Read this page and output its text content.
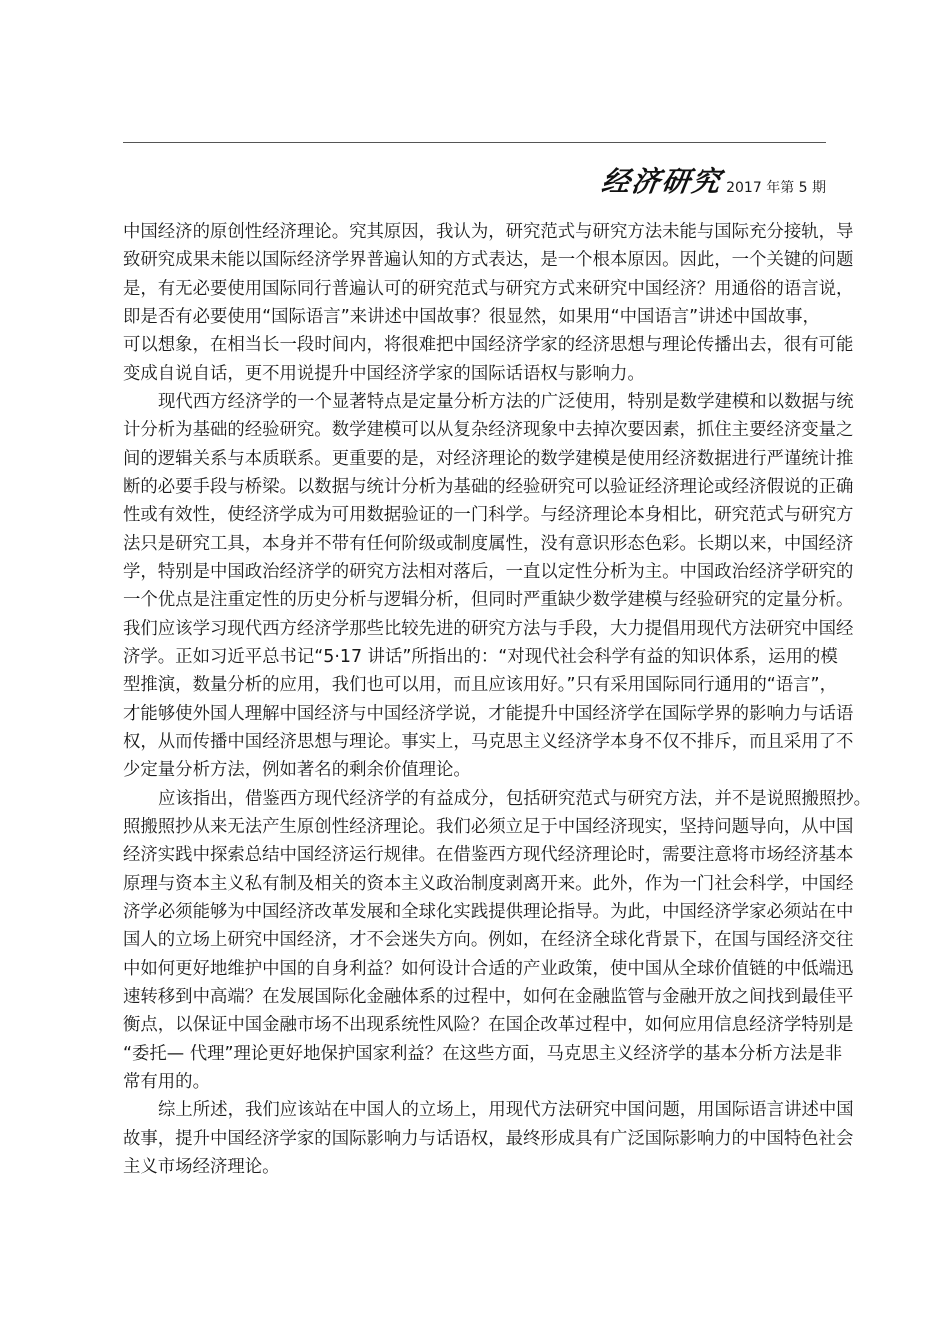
经济研究 2017 年第 5 期
中国经济的原创性经济理论。究其原因，我认为，研究范式与研究方法未能与国际充分接轨，导
致研究成果未能以国际经济学界普遍认知的方式表达，是一个根本原因。因此，一个关键的问题
是，有无必要使用国际同行普遍认可的研究范式与研究方式来研究中国经济？用通俗的语言说，
即是否有必要使用“国际语言”来讲述中国故事？很显然，如果用“中国语言”讲述中国故事，
可以想象，在相当长一段时间内，将很难把中国经济学家的经济思想与理论传播出去，很有可能
变成自说自话，更不用说提升中国经济学家的国际话语权与影响力。
现代西方经济学的一个显著特点是定量分析方法的广泛使用，特别是数学建模和以数据与统
计分析为基础的经验研究。数学建模可以从复杂经济现象中去掉次要因素，抓住主要经济变量之
间的逻辑关系与本质联系。更重要的是，对经济理论的数学建模是使用经济数据进行严谨统计推
断的必要手段与桥梁。以数据与统计分析为基础的经验研究可以验证经济理论或经济假说的正确
性或有效性，使经济学成为可用数据验证的一门科学。与经济理论本身相比，研究范式与研究方
法只是研究工具，本身并不带有任何阶级或制度属性，没有意识形态色彩。长期以来，中国经济
学，特别是中国政治经济学的研究方法相对落后，一直以定性分析为主。中国政治经济学研究的
一个优点是注重定性的历史分析与逻辑分析，但同时严重缺少数学建模与经验研究的定量分析。
我们应该学习现代西方经济学那些比较先进的研究方法与手段，大力提倡用现代方法研究中国经
济学。正如习近平总书记“5·17 讲话”所指出的：“对现代社会科学有益的知识体系，运用的模
型推演，数量分析的应用，我们也可以用，而且应该用好。”只有采用国际同行通用的“语言”，
才能够使外国人理解中国经济与中国经济学说，才能提升中国经济学在国际学界的影响力与话语
权，从而传播中国经济思想与理论。事实上，马克思主义经济学本身不仅不排斥，而且采用了不
少定量分析方法，例如著名的剩余价值理论。
应该指出，借鉴西方现代经济学的有益成分，包括研究范式与研究方法，并不是说照搬照抄。
照搬照抄从来无法产生原创性经济理论。我们必须立足于中国经济现实，坚持问题导向，从中国
经济实践中探索总结中国经济运行规律。在借鉴西方现代经济理论时，需要注意将市场经济基本
原理与资本主义私有制及相关的资本主义政治制度剥离开来。此外，作为一门社会科学，中国经
济学必须能够为中国经济改革发展和全球化实践提供理论指导。为此，中国经济学家必须站在中
国人的立场上研究中国经济，才不会迷失方向。例如，在经济全球化背景下，在国与国经济交往
中如何更好地维护中国的自身利益？如何设计合适的产业政策，使中国从全球价值链的中低端迅
速转移到中高端？在发展国际化金融体系的过程中，如何在金融监管与金融开放之间找到最佳平
衡点，以保证中国金融市场不出现系统性风险？在国企改革过程中，如何应用信息经济学特别是
“委托— 代理”理论更好地保护国家利益？在这些方面，马克思主义经济学的基本分析方法是非
常有用的。
综上所述，我们应该站在中国人的立场上，用现代方法研究中国问题，用国际语言讲述中国
故事，提升中国经济学家的国际影响力与话语权，最终形成具有广泛国际影响力的中国特色社会
主义市场经济理论。
